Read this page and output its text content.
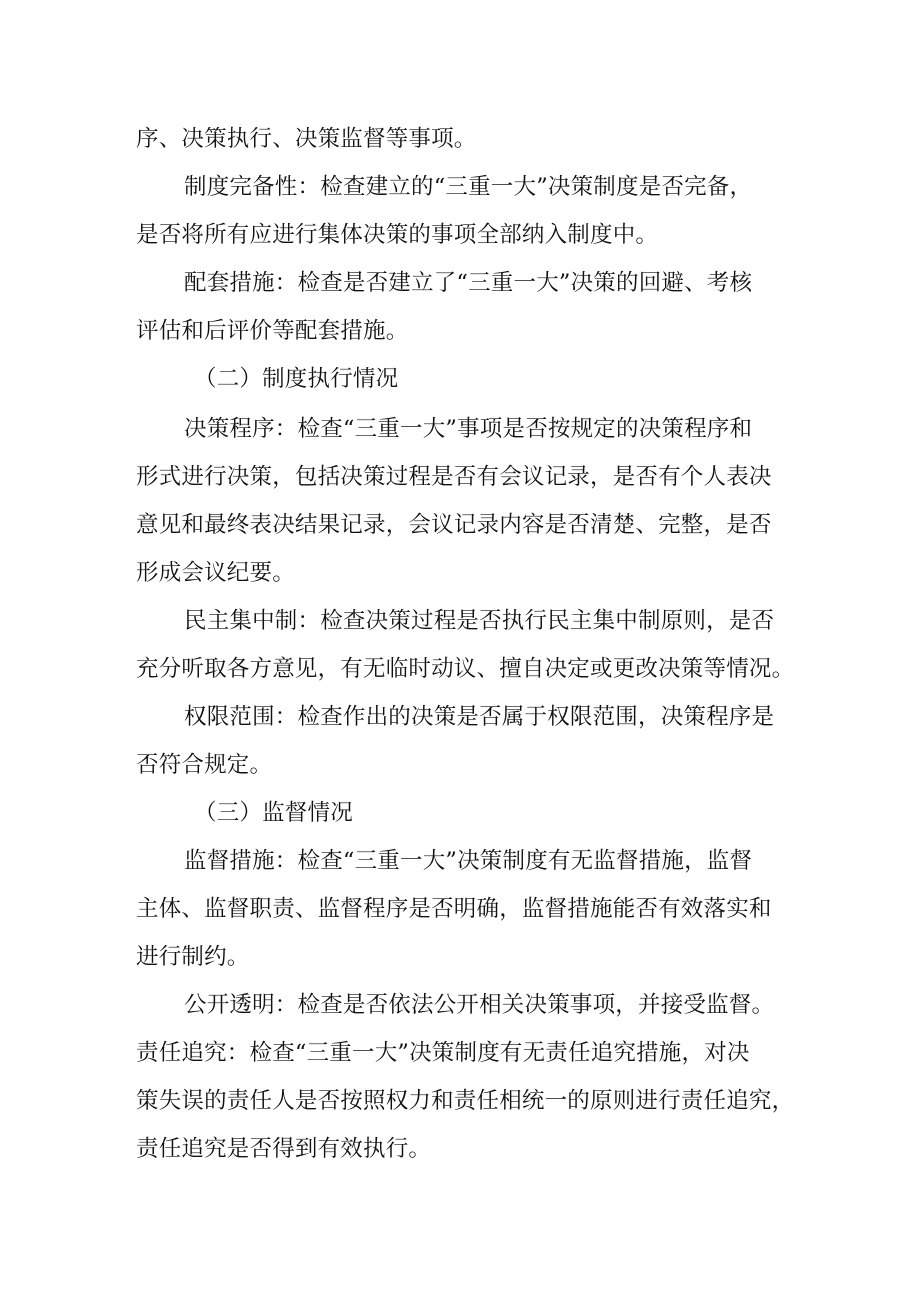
序、决策执行、决策监督等事项。
制度完备性：检查建立的“三重一大”决策制度是否完备，
是否将所有应进行集体决策的事项全部纳入制度中。
配套措施：检查是否建立了“三重一大”决策的回避、考核
评估和后评价等配套措施。
（二）制度执行情况
决策程序：检查“三重一大”事项是否按规定的决策程序和
形式进行决策，包括决策过程是否有会议记录，是否有个人表决
意见和最终表决结果记录，会议记录内容是否清楚、完整，是否
形成会议纪要。
民主集中制：检查决策过程是否执行民主集中制原则，是否
充分听取各方意见，有无临时动议、擅自决定或更改决策等情况。
权限范围：检查作出的决策是否属于权限范围，决策程序是
否符合规定。
（三）监督情况
监督措施：检查“三重一大”决策制度有无监督措施，监督
主体、监督职责、监督程序是否明确，监督措施能否有效落实和
进行制约。
公开透明：检查是否依法公开相关决策事项，并接受监督。
责任追究：检查“三重一大”决策制度有无责任追究措施，对决
策失误的责任人是否按照权力和责任相统一的原则进行责任追究，
责任追究是否得到有效执行。
